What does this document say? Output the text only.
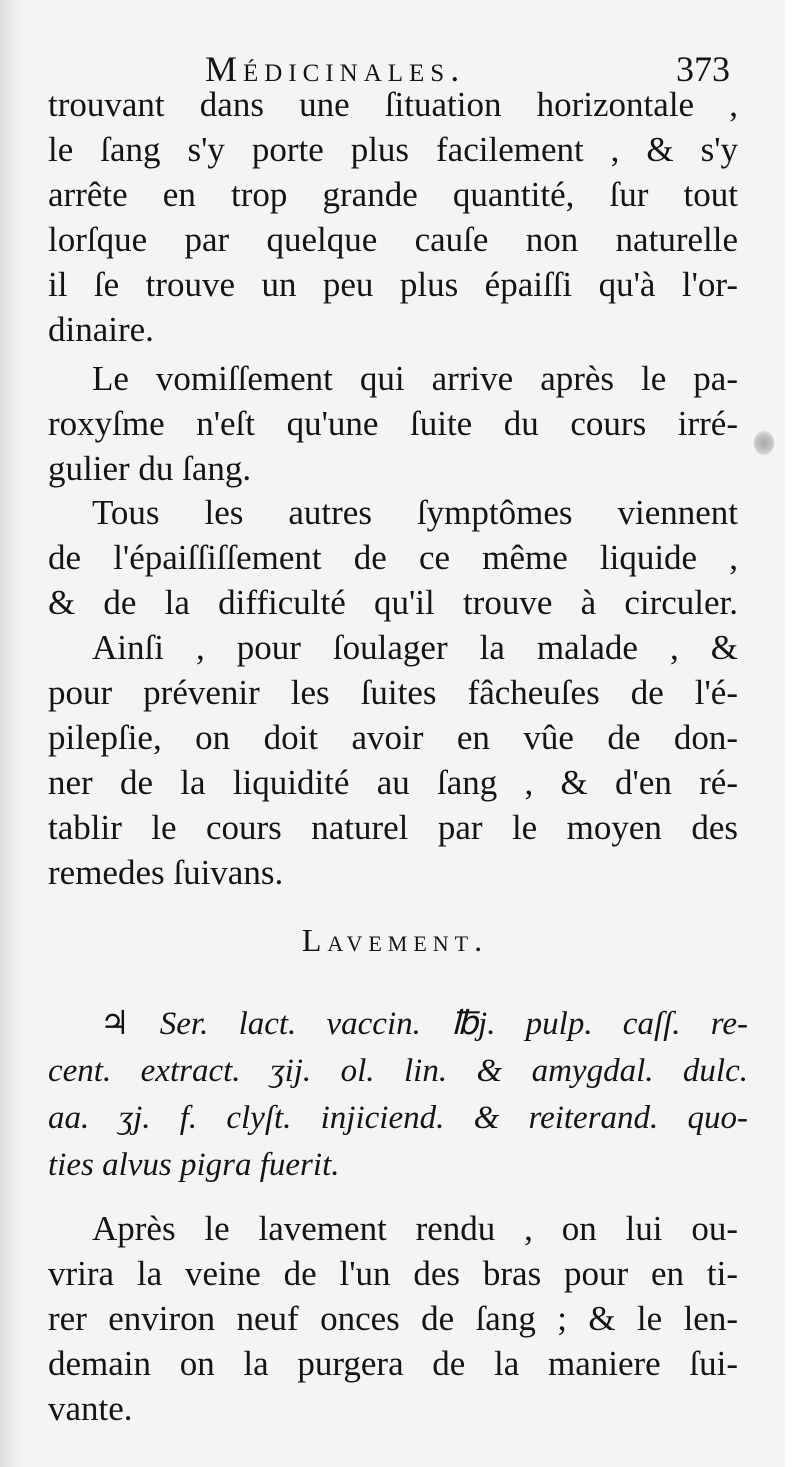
Médicinales.	373
trouvant dans une ſituation horizontale ,
le ſang s'y porte plus facilement , & s'y
arrête en trop grande quantité, ſur tout
lorſque par quelque cauſe non naturelle
il ſe trouve un peu plus épaiſſi qu'à l'or-
dinaire.
Le vomiſſement qui arrive après le pa-
roxyſme n'eſt qu'une ſuite du cours irré-
gulier du ſang.
Tous les autres ſymptômes viennent
de l'épaiſſiſſement de ce même liquide ,
& de la difficulté qu'il trouve à circuler.
Ainſi , pour ſoulager la malade , &
pour prévenir les ſuites fâcheuſes de l'é-
pilepſie, on doit avoir en vûe de don-
ner de la liquidité au ſang , & d'en ré-
tablir le cours naturel par le moyen des
remedes ſuivans.
Lavement.
♃ Ser. lact. vaccin. ℔j. pulp. caſſ. re-
cent. extract. ʒij. ol. lin. & amygdal. dulc.
aa. ʒj. f. clyſt. injiciend. & reiterand. quo-
ties alvus pigra fuerit.
Après le lavement rendu , on lui ou-
vrira la veine de l'un des bras pour en ti-
rer environ neuf onces de ſang ; & le len-
demain on la purgera de la maniere ſui-
vante.
